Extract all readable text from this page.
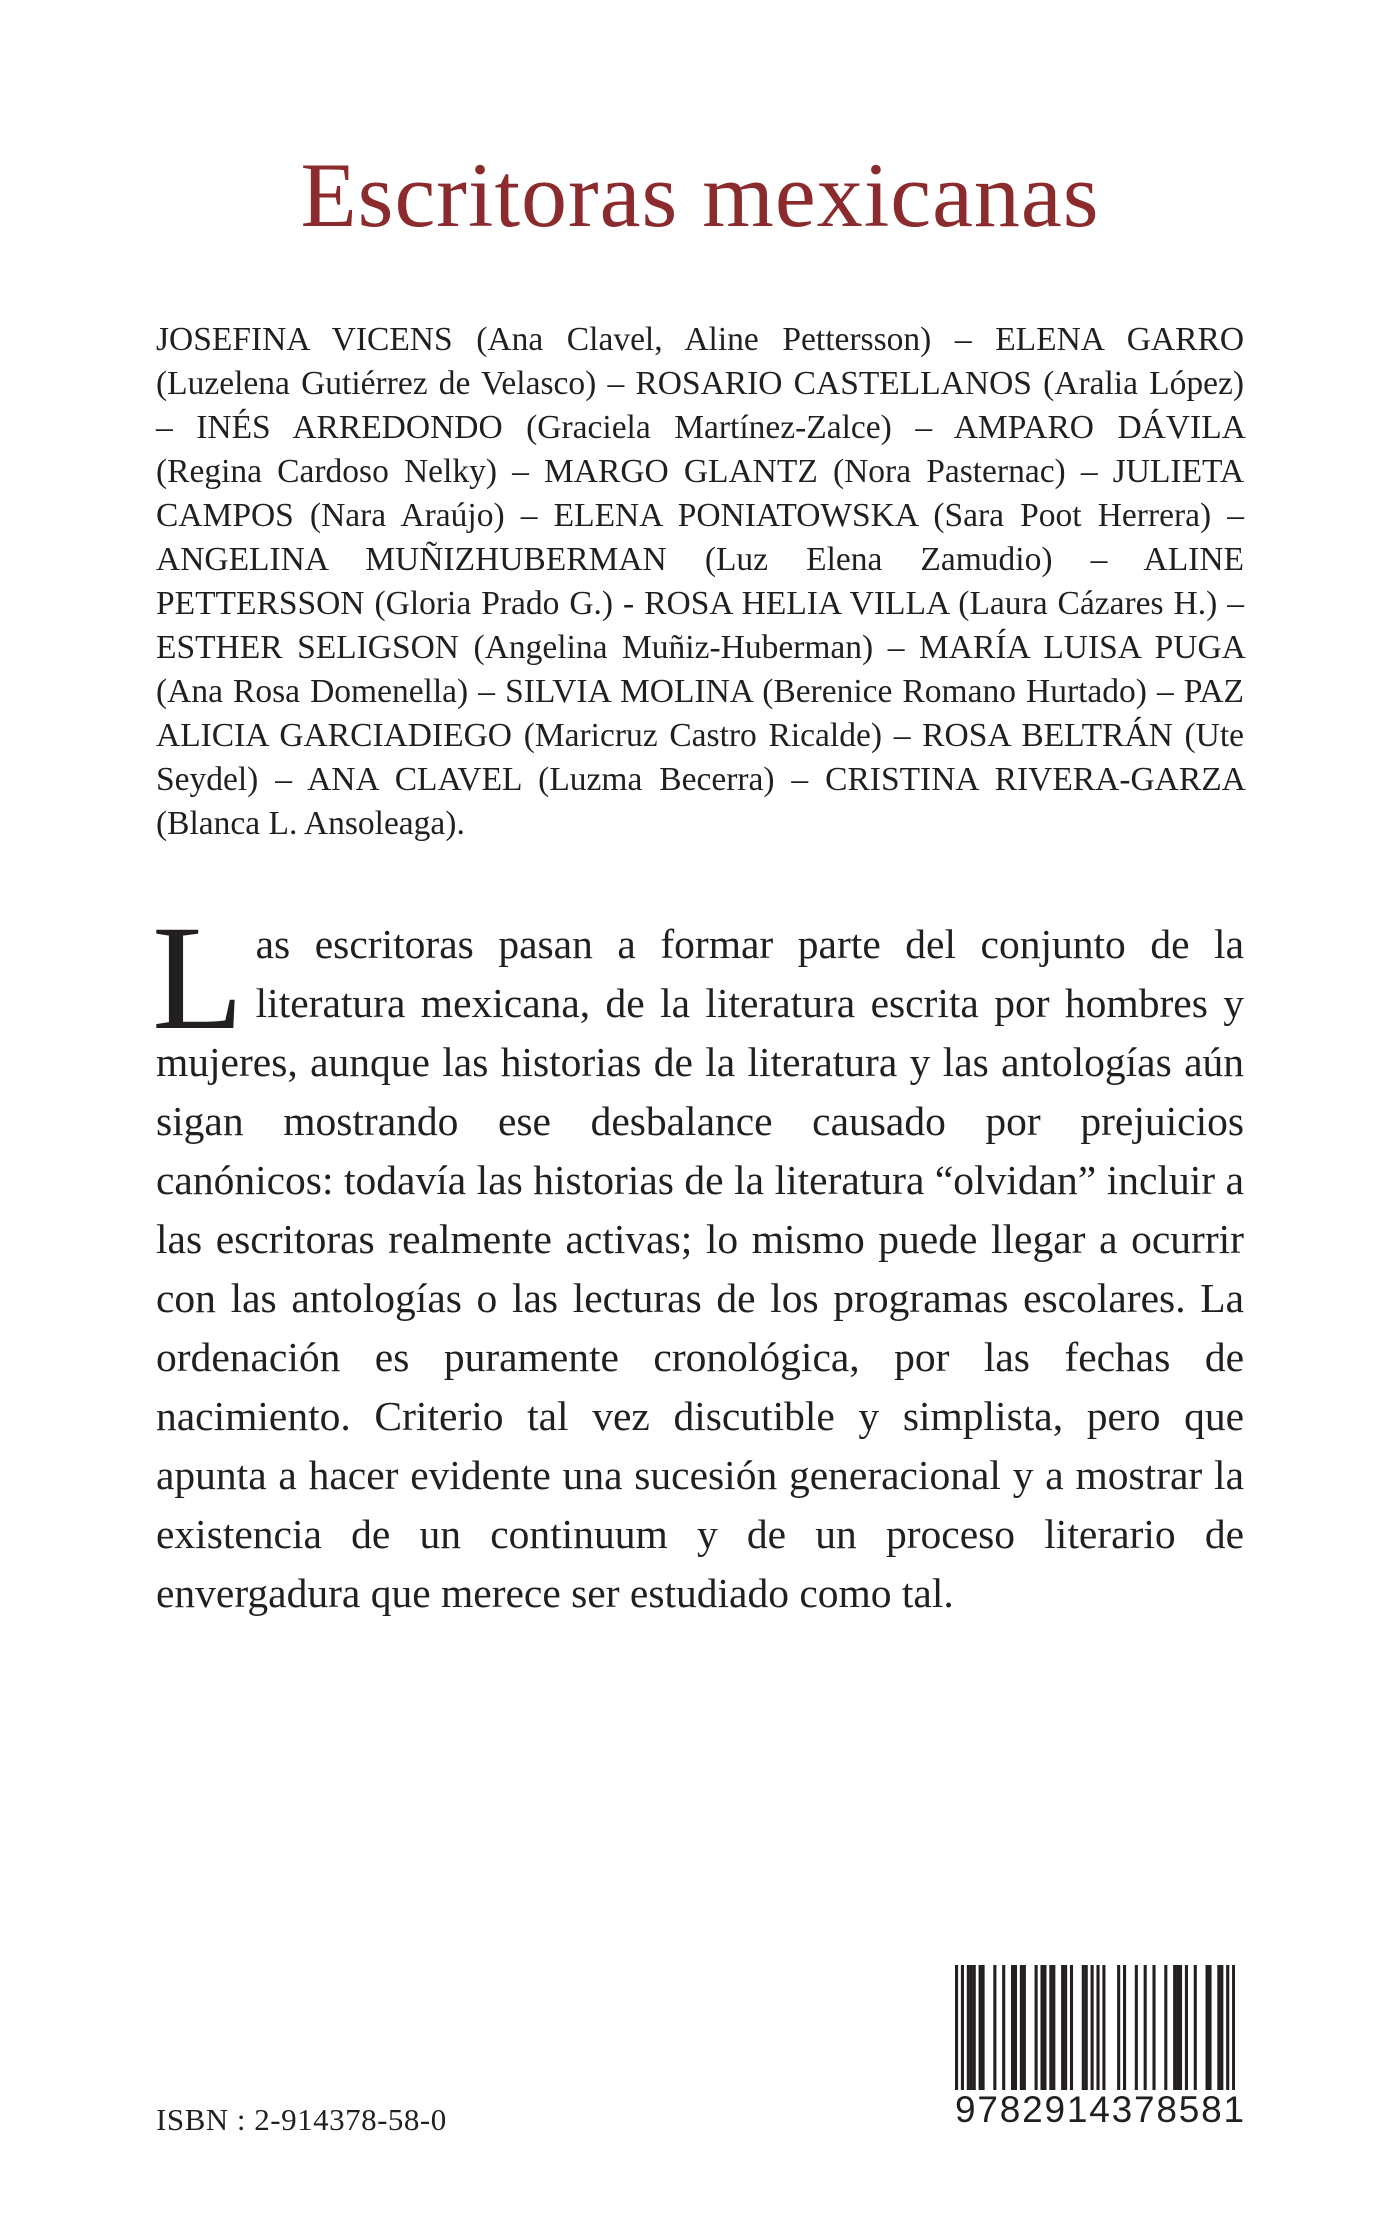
Escritoras mexicanas

JOSEFINA VICENS (Ana Clavel, Aline Pettersson) – ELENA GARRO (Luzelena Gutiérrez de Velasco) – ROSARIO CASTELLANOS (Aralia López) – INÉS ARREDONDO (Graciela Martínez-Zalce) – AMPARO DÁVILA (Regina Cardoso Nelky) – MARGO GLANTZ (Nora Pasternac) – JULIETA CAMPOS (Nara Araújo) – ELENA PONIATOWSKA (Sara Poot Herrera) – ANGELINA MUÑIZHUBERMAN (Luz Elena Zamudio) – ALINE PETTERSSON (Gloria Prado G.) - ROSA HELIA VILLA (Laura Cázares H.) – ESTHER SELIGSON (Angelina Muñiz-Huberman) – MARÍA LUISA PUGA (Ana Rosa Domenella) – SILVIA MOLINA (Berenice Romano Hurtado) – PAZ ALICIA GARCIADIEGO (Maricruz Castro Ricalde) – ROSA BELTRÁN (Ute Seydel) – ANA CLAVEL (Luzma Becerra) – CRISTINA RIVERA-GARZA (Blanca L. Ansoleaga).

Las escritoras pasan a formar parte del conjunto de la literatura mexicana, de la literatura escrita por hombres y mujeres, aunque las historias de la literatura y las antologías aún sigan mostrando ese desbalance causado por prejuicios canónicos: todavía las historias de la literatura “olvidan” incluir a las escritoras realmente activas; lo mismo puede llegar a ocurrir con las antologías o las lecturas de los programas escolares. La ordenación es puramente cronológica, por las fechas de nacimiento. Criterio tal vez discutible y simplista, pero que apunta a hacer evidente una sucesión generacional y a mostrar la existencia de un continuum y de un proceso literario de envergadura que merece ser estudiado como tal.

ISBN : 2-914378-58-0	9782914378581
